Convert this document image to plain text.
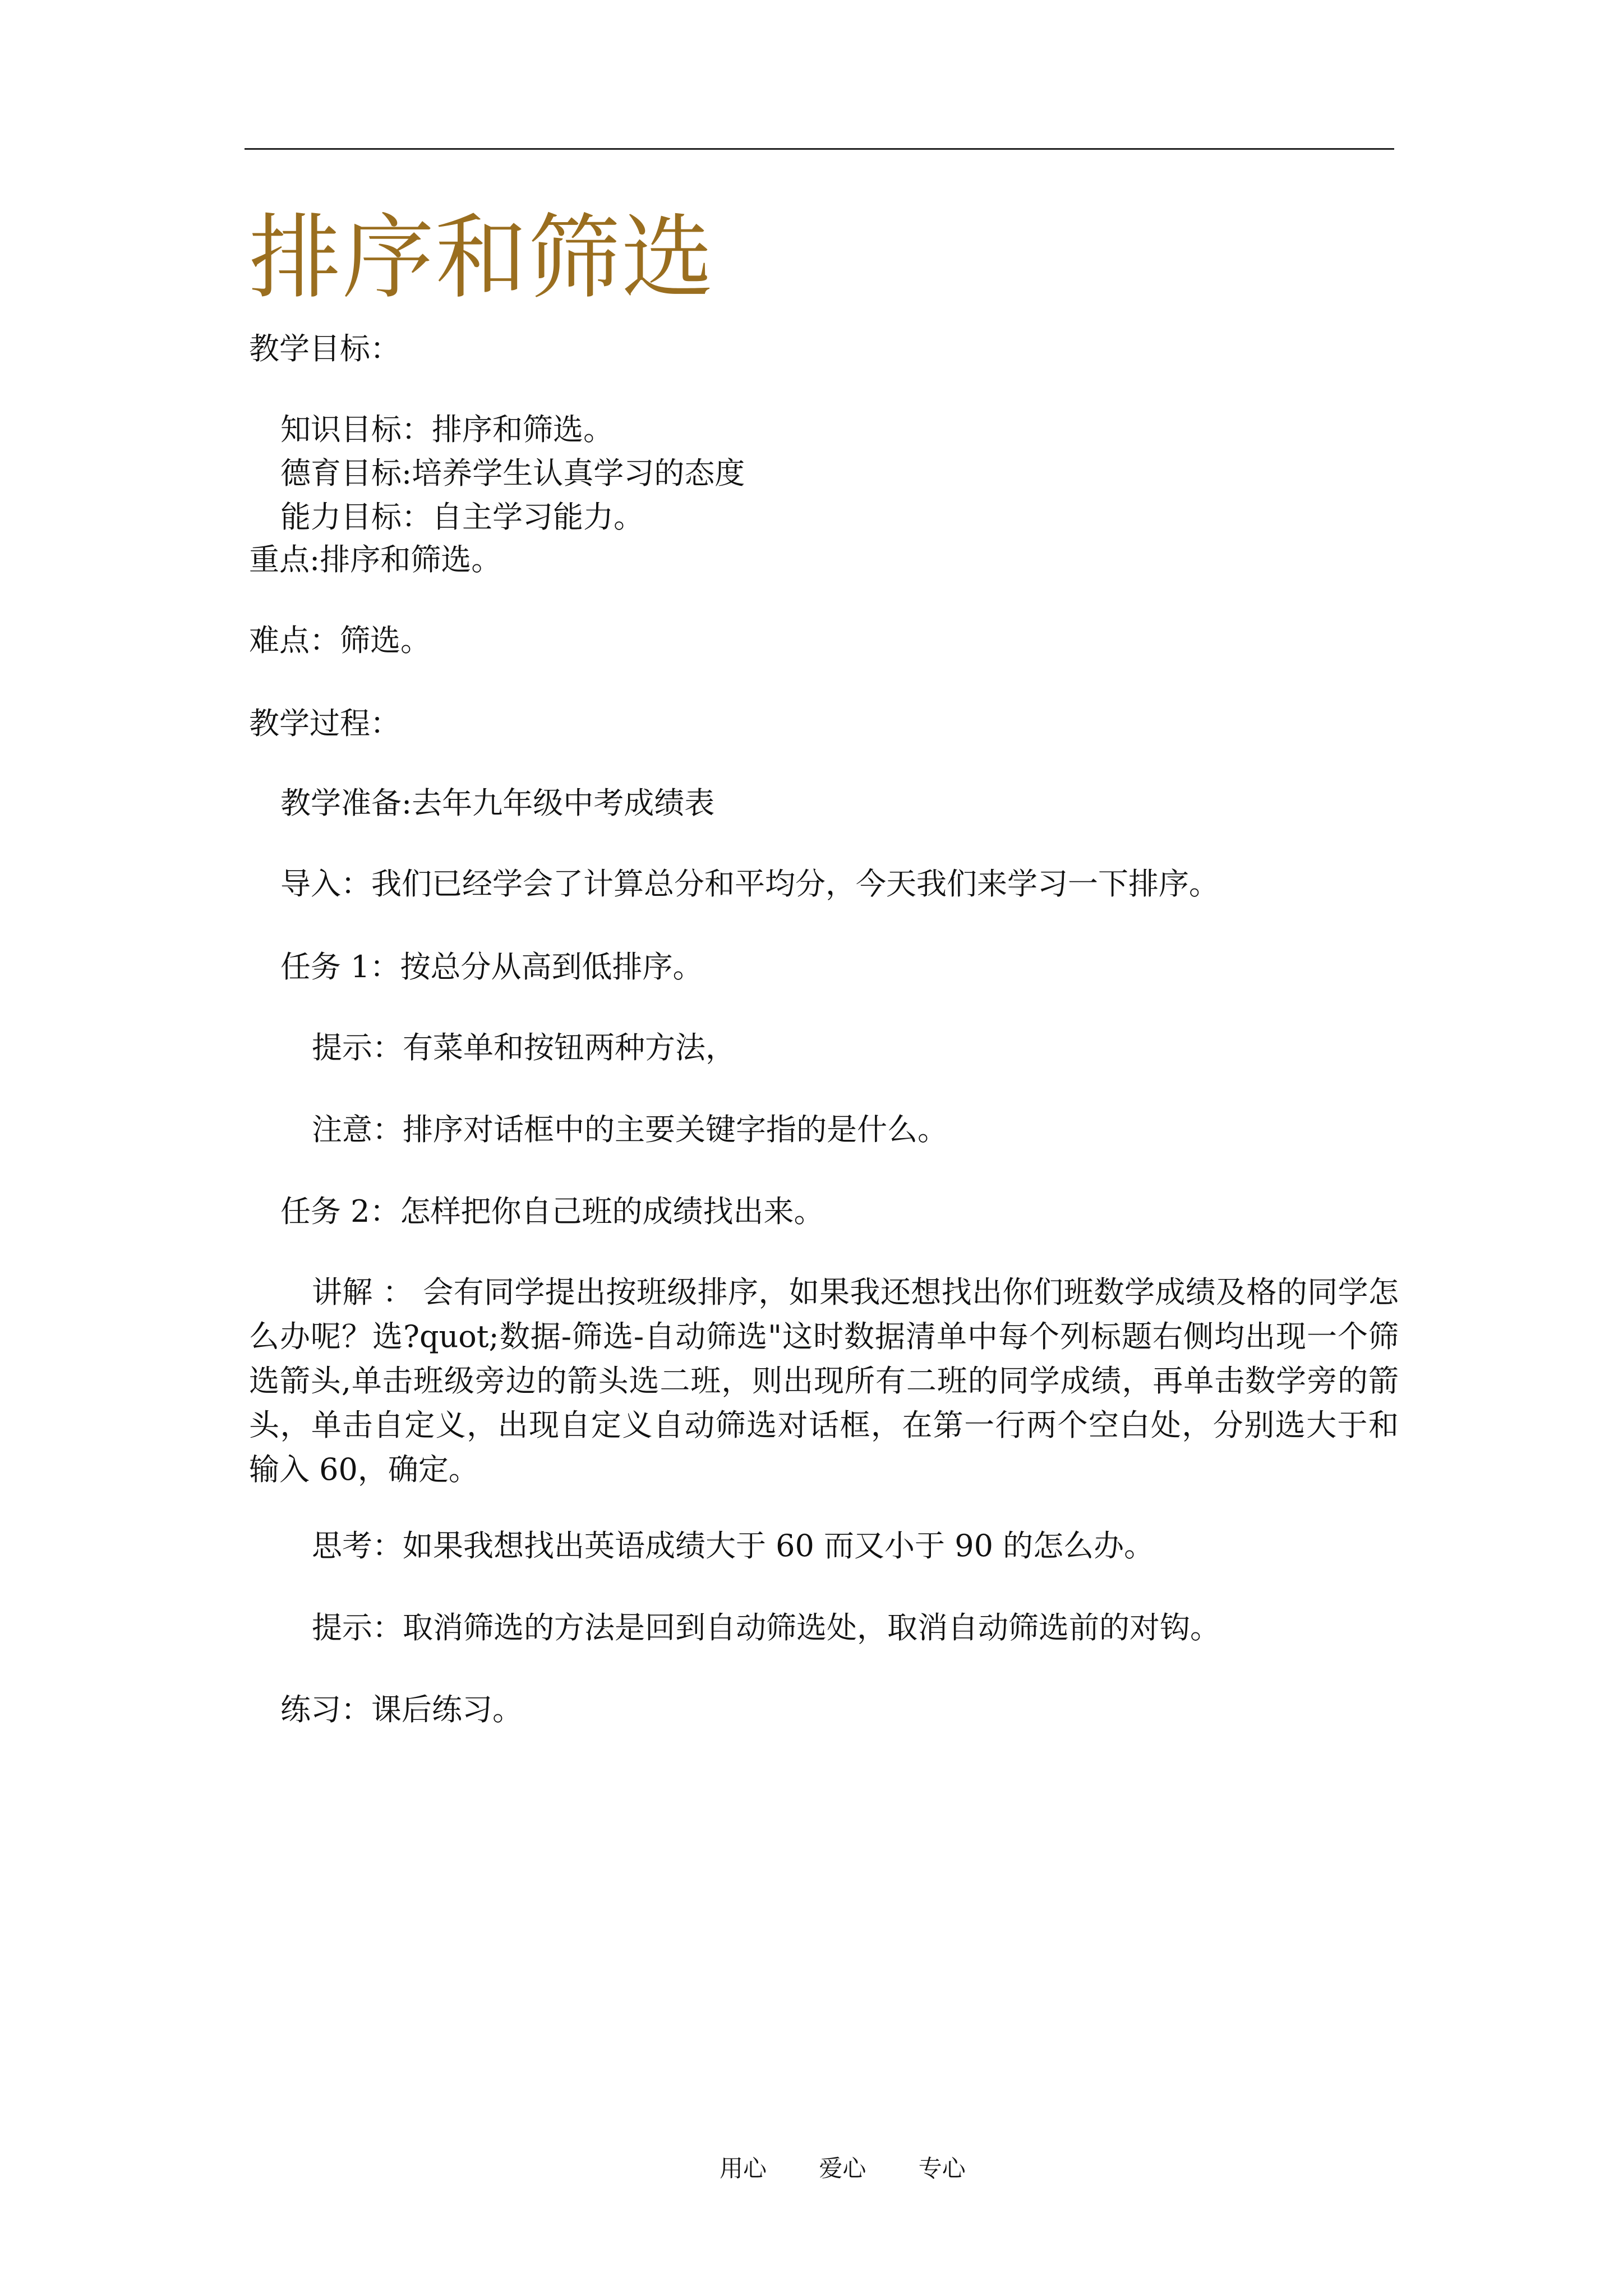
排序和筛选
教学目标：
知识目标：排序和筛选。
德育目标:培养学生认真学习的态度
能力目标：自主学习能力。
重点:排序和筛选。
难点：筛选。
教学过程：
教学准备:去年九年级中考成绩表
导入：我们已经学会了计算总分和平均分，今天我们来学习一下排序。
任务 1：按总分从高到低排序。
提示：有菜单和按钮两种方法，
注意：排序对话框中的主要关键字指的是什么。
任务 2：怎样把你自己班的成绩找出来。
讲解 ： 会有同学提出按班级排序，如果我还想找出你们班数学成绩及格的同学怎么办呢？选?quot;数据-筛选-自动筛选"这时数据清单中每个列标题右侧均出现一个筛选箭头,单击班级旁边的箭头选二班，则出现所有二班的同学成绩，再单击数学旁的箭头，单击自定义，出现自定义自动筛选对话框，在第一行两个空白处，分别选大于和输入 60，确定。
思考：如果我想找出英语成绩大于 60 而又小于 90 的怎么办。
提示：取消筛选的方法是回到自动筛选处，取消自动筛选前的对钩。
练习：课后练习。
用心 爱心 专心
